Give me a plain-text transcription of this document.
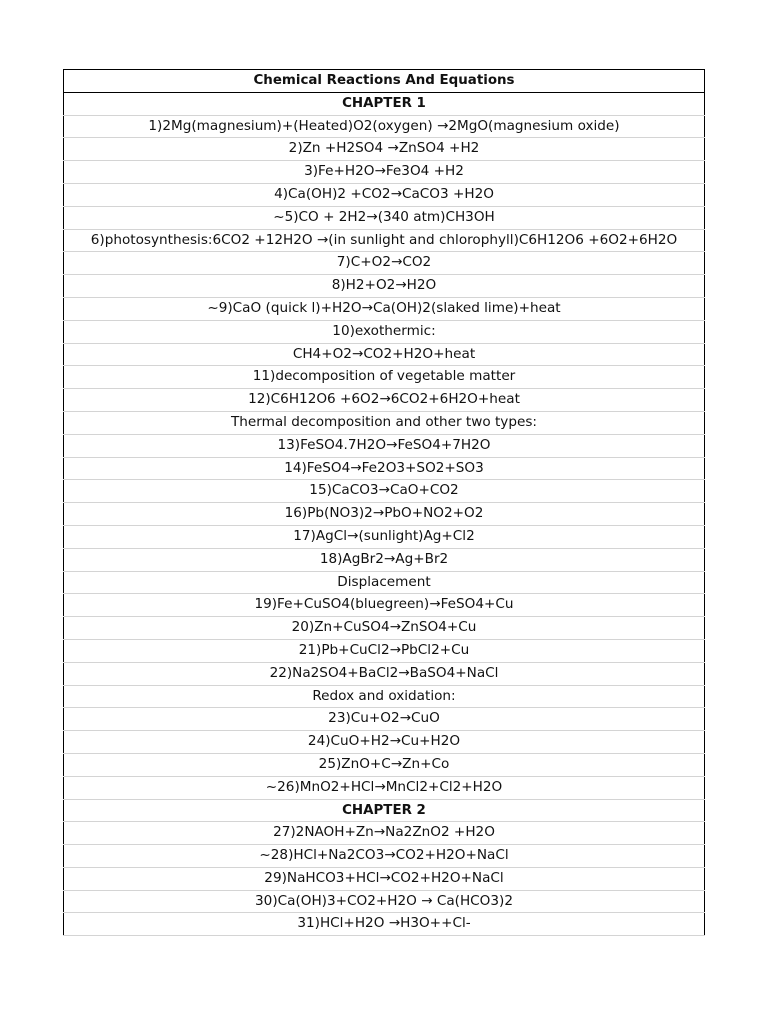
Chemical Reactions And Equations
CHAPTER 1
1)2Mg(magnesium)+(Heated)O2(oxygen) →2MgO(magnesium oxide)
2)Zn +H2SO4 →ZnSO4 +H2
3)Fe+H2O→Fe3O4 +H2
4)Ca(OH)2 +CO2→CaCO3 +H2O
~5)CO + 2H2→(340 atm)CH3OH
6)photosynthesis:6CO2 +12H2O →(in sunlight and chlorophyll)C6H12O6 +6O2+6H2O
7)C+O2→CO2
8)H2+O2→H2O
~9)CaO (quick l)+H2O→Ca(OH)2(slaked lime)+heat
10)exothermic:
CH4+O2→CO2+H2O+heat
11)decomposition of vegetable matter
12)C6H12O6 +6O2→6CO2+6H2O+heat
Thermal decomposition and other two types:
13)FeSO4.7H2O→FeSO4+7H2O
14)FeSO4→Fe2O3+SO2+SO3
15)CaCO3→CaO+CO2
16)Pb(NO3)2→PbO+NO2+O2
17)AgCl→(sunlight)Ag+Cl2
18)AgBr2→Ag+Br2
Displacement
19)Fe+CuSO4(bluegreen)→FeSO4+Cu
20)Zn+CuSO4→ZnSO4+Cu
21)Pb+CuCl2→PbCl2+Cu
22)Na2SO4+BaCl2→BaSO4+NaCl
Redox and oxidation:
23)Cu+O2→CuO
24)CuO+H2→Cu+H2O
25)ZnO+C→Zn+Co
~26)MnO2+HCl→MnCl2+Cl2+H2O
CHAPTER 2
27)2NAOH+Zn→Na2ZnO2 +H2O
~28)HCl+Na2CO3→CO2+H2O+NaCl
29)NaHCO3+HCl→CO2+H2O+NaCl
30)Ca(OH)3+CO2+H2O → Ca(HCO3)2
31)HCl+H2O →H3O++Cl-
